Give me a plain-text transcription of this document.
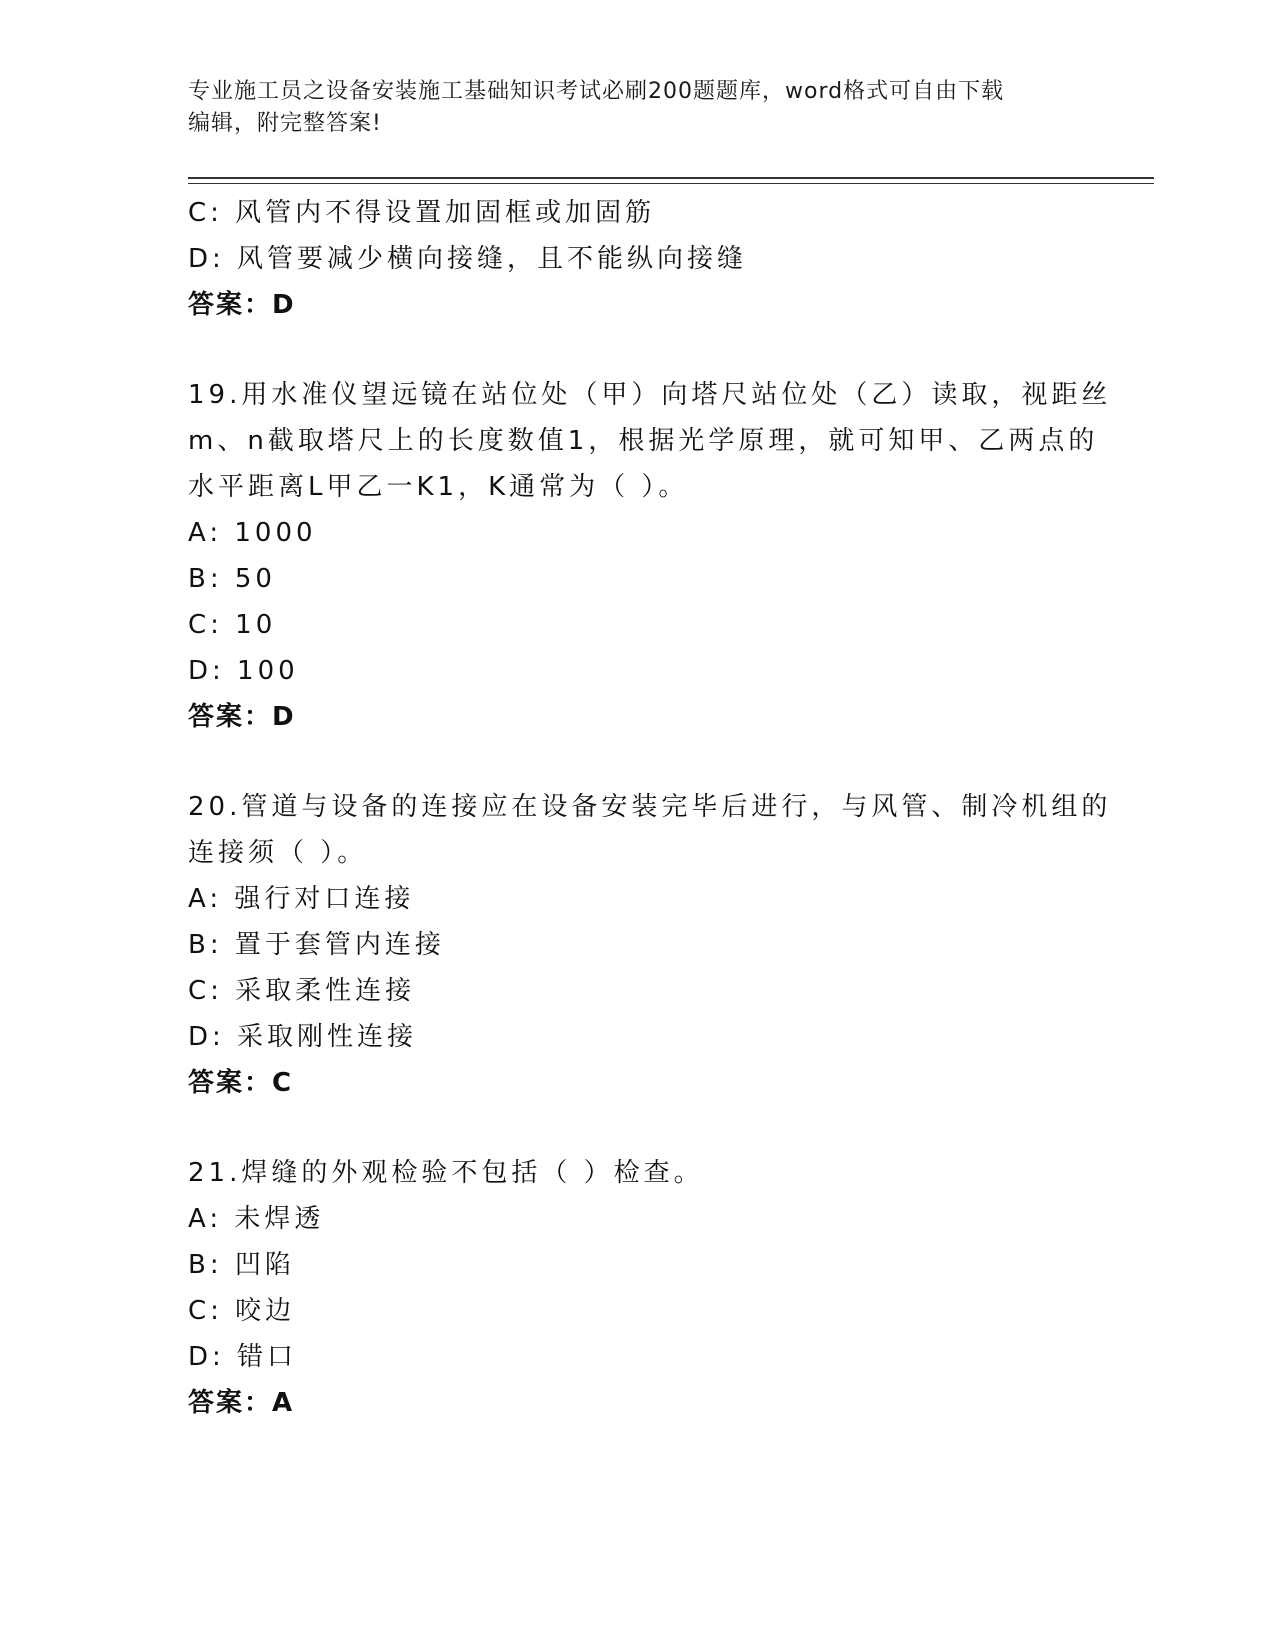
专业施工员之设备安装施工基础知识考试必刷200题题库，word格式可自由下载
编辑，附完整答案!
C: 风管内不得设置加固框或加固筋
D: 风管要减少横向接缝，且不能纵向接缝
答案：D
19.用水准仪望远镜在站位处（甲）向塔尺站位处（乙）读取，视距丝
m、n截取塔尺上的长度数值1，根据光学原理，就可知甲、乙两点的
水平距离L甲乙一K1，K通常为（ ）。
A: 1000
B: 50
C: 10
D: 100
答案：D
20.管道与设备的连接应在设备安装完毕后进行，与风管、制冷机组的
连接须（ ）。
A: 强行对口连接
B: 置于套管内连接
C: 采取柔性连接
D: 采取刚性连接
答案：C
21.焊缝的外观检验不包括（ ）检查。
A: 未焊透
B: 凹陷
C: 咬边
D: 错口
答案：A
